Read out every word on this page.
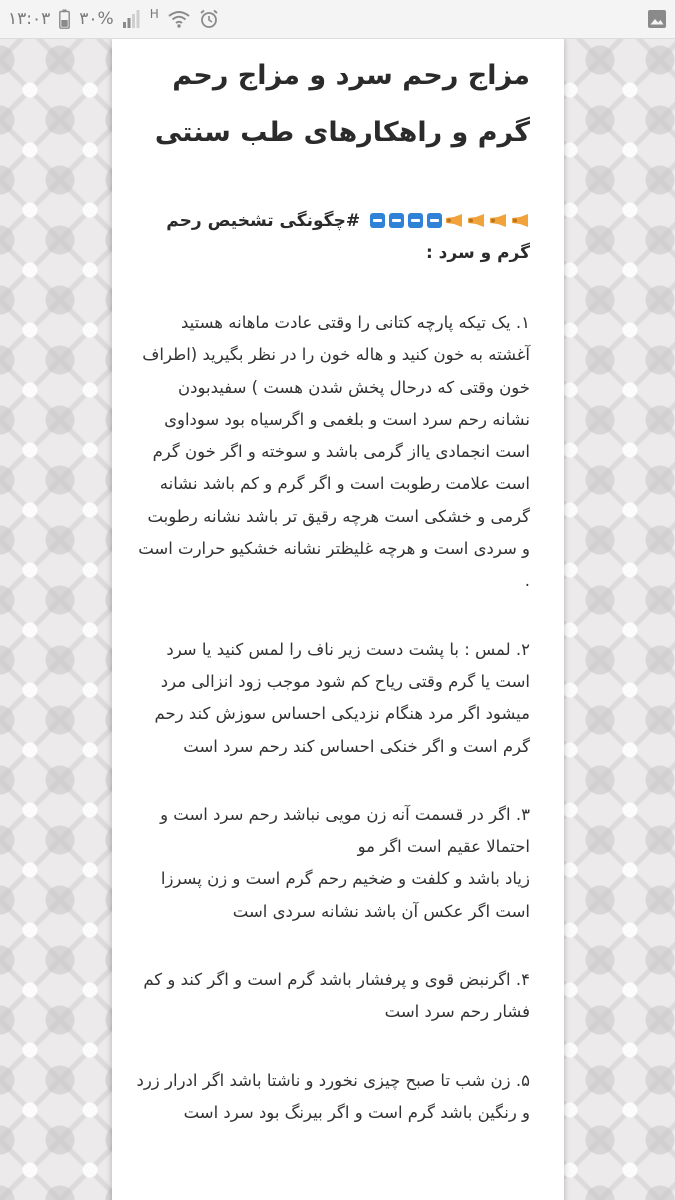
۱۳:۰۳ ۳۰%	H
مزاج رحم سرد و مزاج رحم گرم و راهکارهای طب سنتی
#چگونگی تشخیص رحم گرم و سرد :
۱. یک تیکه پارچه کتانی را وقتی عادت ماهانه هستید آغشته به خون کنید و هاله خون را در نظر بگیرید (اطراف خون وقتی که درحال پخش شدن هست ) سفیدبودن نشانه رحم سرد است و بلغمی و اگرسیاه بود سوداوی است انجمادی یااز گرمی باشد و سوخته و اگر خون گرم است علامت رطوبت است و اگر گرم و کم باشد نشانه گرمی و خشکی است هرچه رقیق تر باشد نشانه رطوبت و سردی است و هرچه غلیظتر نشانه خشکیو حرارت است .
۲. لمس : با پشت دست زیر ناف را لمس کنید یا سرد است یا گرم وقتی ریاح کم شود موجب زود انزالی مرد میشود اگر مرد هنگام نزدیکی احساس سوزش کند رحم گرم است و اگر خنکی احساس کند رحم سرد است
۳. اگر در قسمت آنه زن مویی نباشد رحم سرد است و احتمالا عقیم است اگر مو
زیاد باشد و کلفت و ضخیم رحم گرم است و زن پسرزا است اگر عکس آن باشد نشانه سردی است
۴. اگرنبض قوی و پرفشار باشد گرم است و اگر کند و کم فشار رحم سرد است
۵. زن شب تا صبح چیزی نخورد و ناشتا باشد اگر ادرار زرد و رنگین باشد گرم است و اگر بیرنگ بود سرد است
